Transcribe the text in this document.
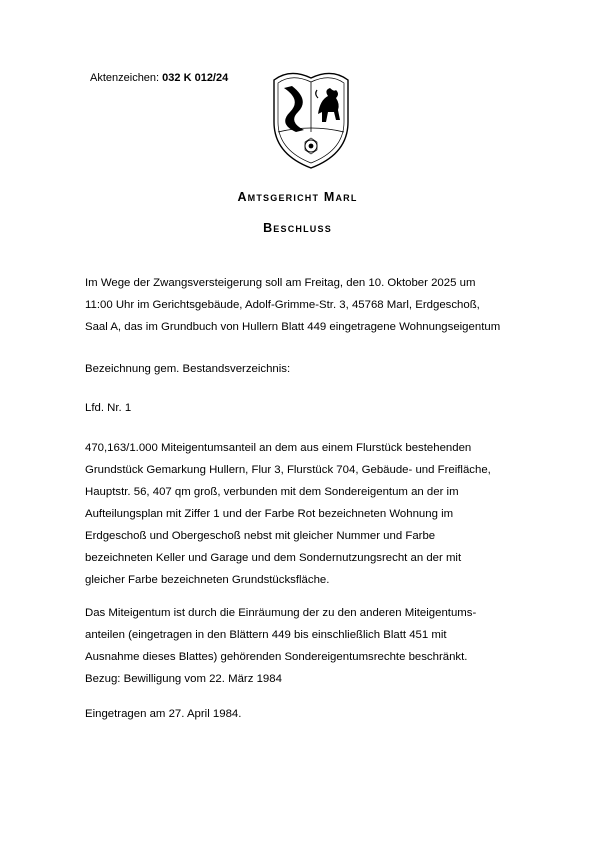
Aktenzeichen: 032 K 012/24
Amtsgericht Marl
Beschluss
Im Wege der Zwangsversteigerung soll am Freitag, den 10. Oktober 2025 um
11:00 Uhr im Gerichtsgebäude, Adolf-Grimme-Str. 3, 45768 Marl, Erdgeschoß,
Saal A, das im Grundbuch von Hullern Blatt 449 eingetragene Wohnungseigentum
Bezeichnung gem. Bestandsverzeichnis:
Lfd. Nr. 1
470,163/1.000 Miteigentumsanteil an dem aus einem Flurstück bestehenden
Grundstück Gemarkung Hullern, Flur 3, Flurstück 704, Gebäude- und Freifläche,
Hauptstr. 56, 407 qm groß, verbunden mit dem Sondereigentum an der im
Aufteilungsplan mit Ziffer 1 und der Farbe Rot bezeichneten Wohnung im
Erdgeschoß und Obergeschoß nebst mit gleicher Nummer und Farbe
bezeichneten Keller und Garage und dem Sondernutzungsrecht an der mit
gleicher Farbe bezeichneten Grundstücksfläche.
Das Miteigentum ist durch die Einräumung der zu den anderen Miteigentums-
anteilen (eingetragen in den Blättern 449 bis einschließlich Blatt 451 mit
Ausnahme dieses Blattes) gehörenden Sondereigentumsrechte beschränkt.
Bezug: Bewilligung vom 22. März 1984
Eingetragen am 27. April 1984.
